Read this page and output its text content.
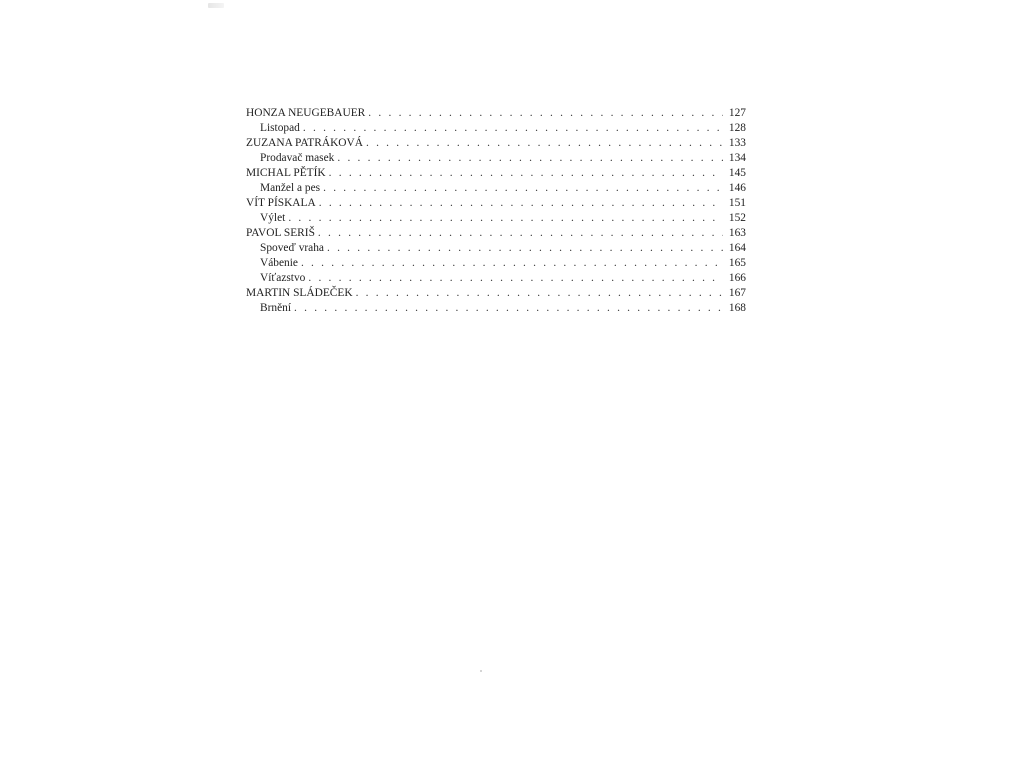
HONZA NEUGEBAUER . . .	127
Listopad . . .	128
ZUZANA PATRÁKOVÁ . . .	133
Prodavač masek . . .	134
MICHAL PĚTÍK . . .	145
Manžel a pes . . .	146
VÍT PÍSKALA . . .	151
Výlet . . .	152
PAVOL SERIŠ . . .	163
Spoveď vraha . . .	164
Vábenie . . .	165
Víťazstvo . . .	166
MARTIN SLÁDEČEK . . .	167
Brnění . . .	168
